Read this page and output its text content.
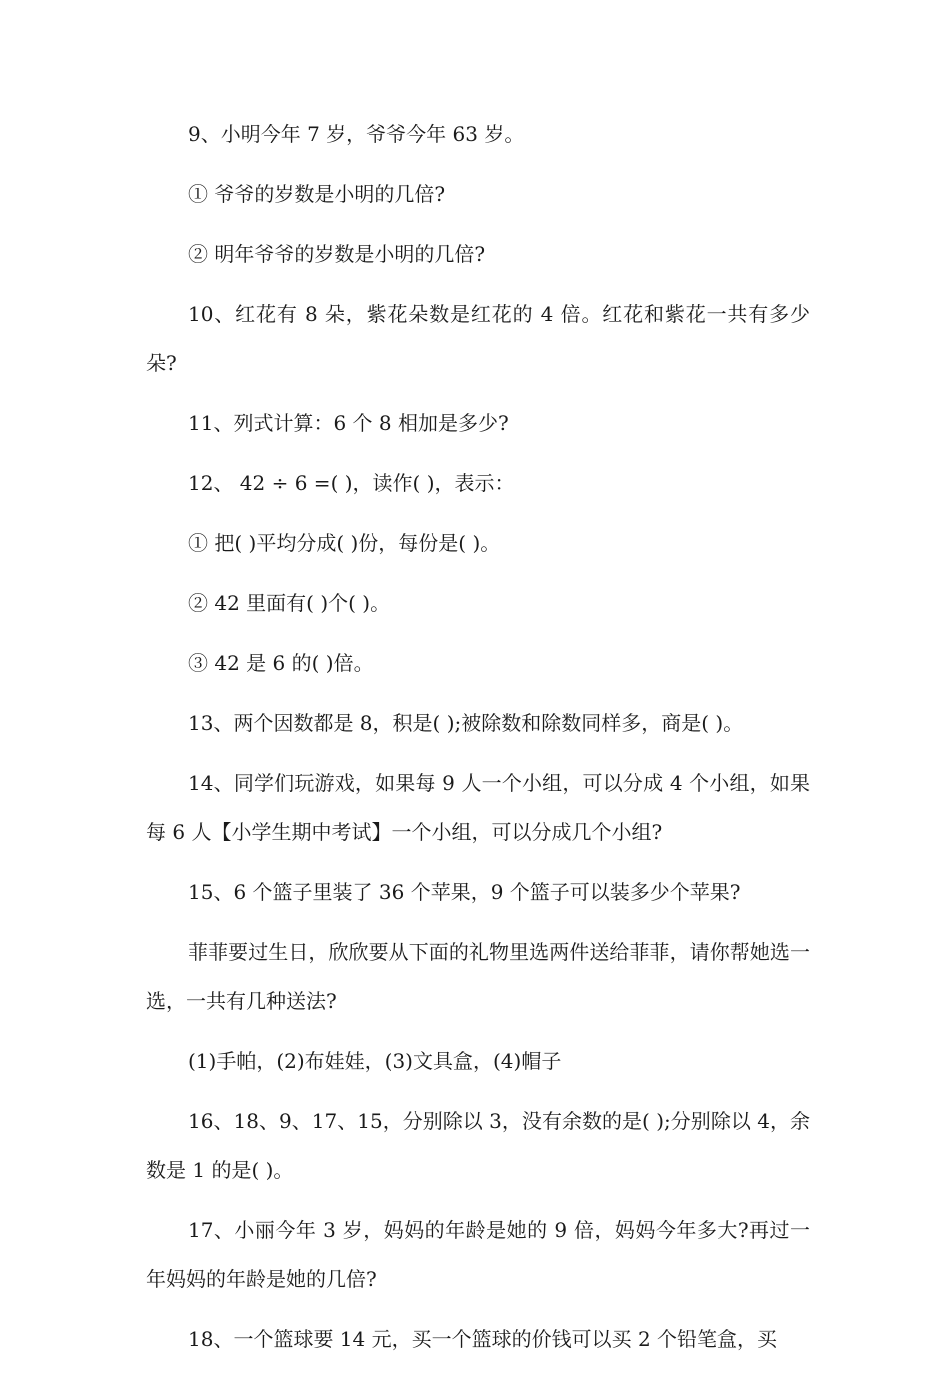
9、小明今年 7 岁，爷爷今年 63 岁。

① 爷爷的岁数是小明的几倍?

② 明年爷爷的岁数是小明的几倍?

10、红花有 8 朵，紫花朵数是红花的 4 倍。红花和紫花一共有多少朵?

11、列式计算：6 个 8 相加是多少?

12、 42 ÷ 6 =( )，读作( )，表示：

① 把( )平均分成( )份，每份是( )。

② 42 里面有( )个( )。

③ 42 是 6 的( )倍。

13、两个因数都是 8，积是( );被除数和除数同样多，商是( )。

14、同学们玩游戏，如果每 9 人一个小组，可以分成 4 个小组，如果每 6 人【小学生期中考试】一个小组，可以分成几个小组?

15、6 个篮子里装了 36 个苹果，9 个篮子可以装多少个苹果?

菲菲要过生日，欣欣要从下面的礼物里选两件送给菲菲，请你帮她选一选，一共有几种送法?

(1)手帕，(2)布娃娃，(3)文具盒，(4)帽子

16、18、9、17、15，分别除以 3，没有余数的是( );分别除以 4，余数是 1 的是( )。

17、小丽今年 3 岁，妈妈的年龄是她的 9 倍，妈妈今年多大?再过一年妈妈的年龄是她的几倍?

18、一个篮球要 14 元，买一个篮球的价钱可以买 2 个铅笔盒，买
